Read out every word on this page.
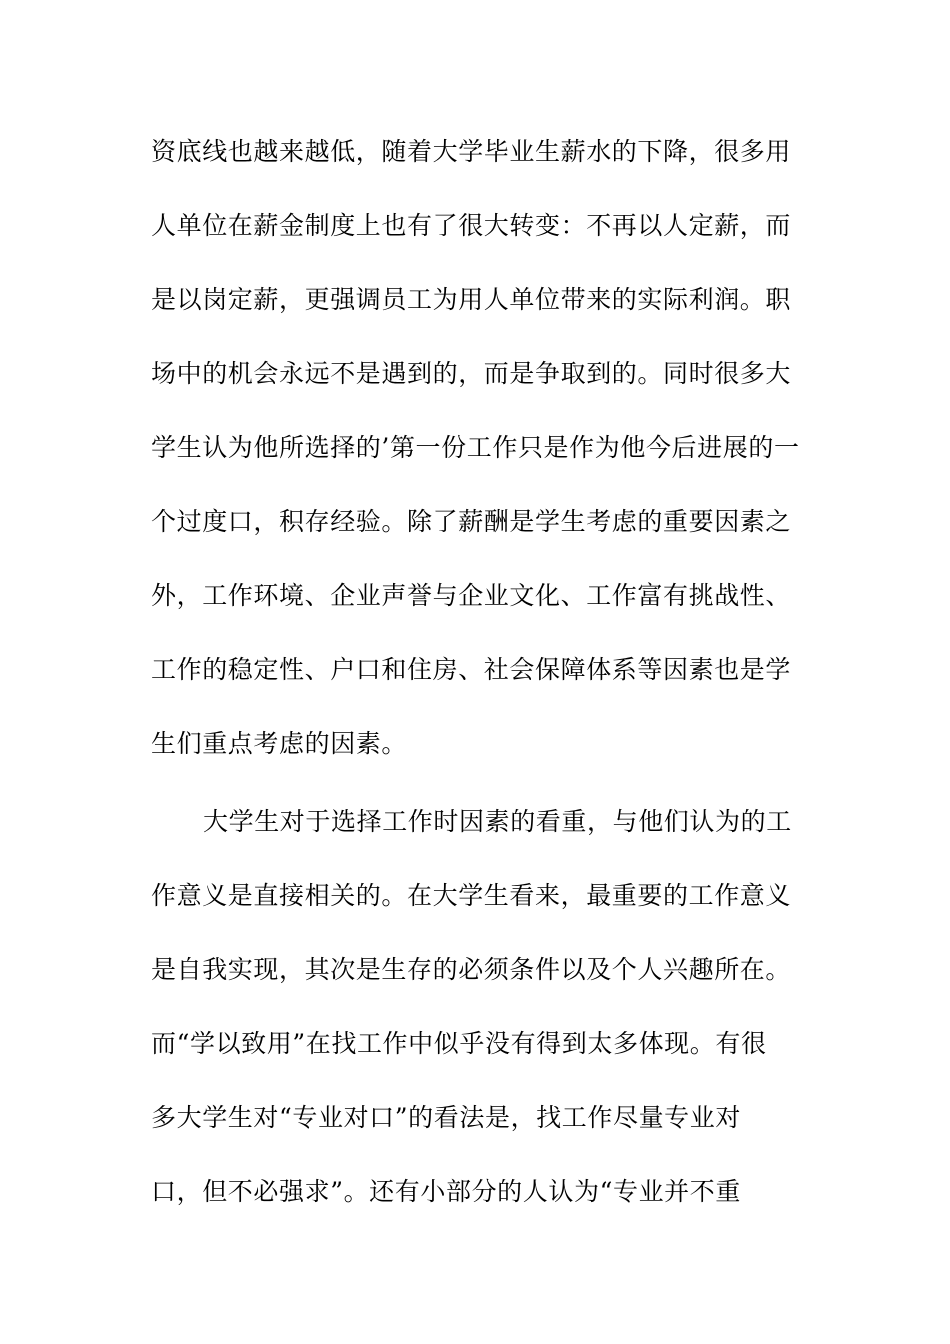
资底线也越来越低，随着大学毕业生薪水的下降，很多用
人单位在薪金制度上也有了很大转变：不再以人定薪，而
是以岗定薪，更强调员工为用人单位带来的实际利润。职
场中的机会永远不是遇到的，而是争取到的。同时很多大
学生认为他所选择的’第一份工作只是作为他今后进展的一
个过度口，积存经验。除了薪酬是学生考虑的重要因素之
外，工作环境、企业声誉与企业文化、工作富有挑战性、
工作的稳定性、户口和住房、社会保障体系等因素也是学
生们重点考虑的因素。
大学生对于选择工作时因素的看重，与他们认为的工
作意义是直接相关的。在大学生看来，最重要的工作意义
是自我实现，其次是生存的必须条件以及个人兴趣所在。
而“学以致用”在找工作中似乎没有得到太多体现。有很
多大学生对“专业对口”的看法是，找工作尽量专业对
口，但不必强求”。还有小部分的人认为“专业并不重
